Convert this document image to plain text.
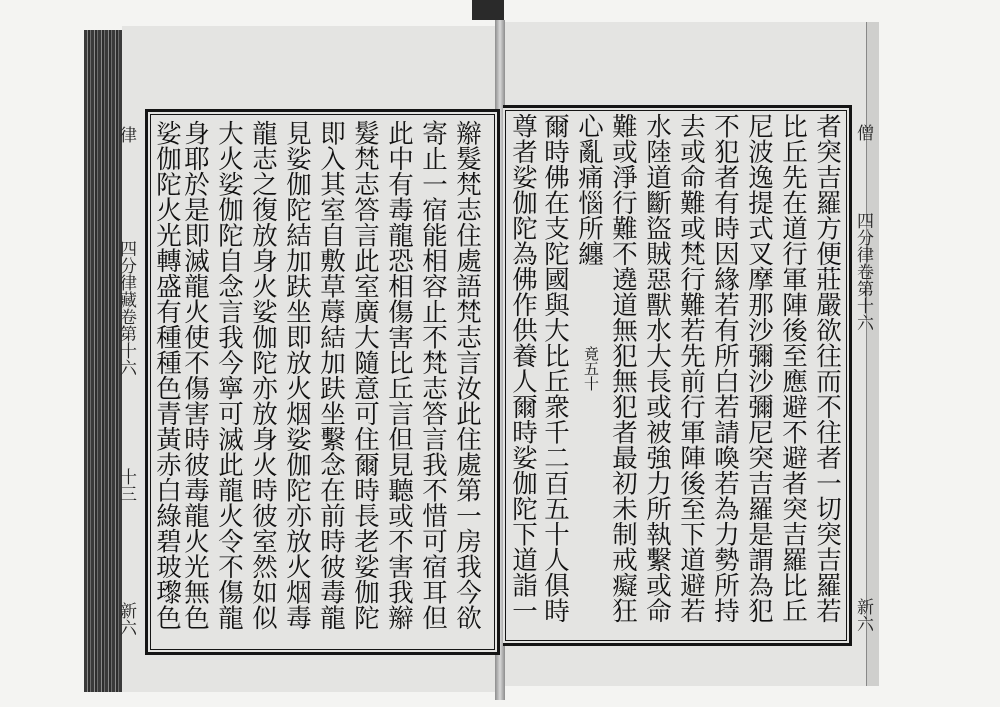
律
四分律藏卷第十六
十三
新六
僧
四分律卷第十六
新六
辮髮梵志住處語梵志言汝此住處第一房我今欲
寄止一宿能相容止不梵志答言我不惜可宿耳但
此中有毒龍恐相傷害比丘言但見聽或不害我辮
髮梵志答言此室廣大隨意可住爾時長老娑伽陀
即入其室自敷草蓐結加趺坐繫念在前時彼毒龍
見娑伽陀結加趺坐即放火烟娑伽陀亦放火烟毒
龍志之復放身火娑伽陀亦放身火時彼室然如似
大火娑伽陀自念言我今寧可滅此龍火令不傷龍
身耶於是即滅龍火使不傷害時彼毒龍火光無色
娑伽陀火光轉盛有種種色青黃赤白綠碧玻瓈色	者突吉羅方便莊嚴欲往而不往者一切突吉羅若
比丘先在道行軍陣後至應避不避者突吉羅比丘
尼波逸提式叉摩那沙彌沙彌尼突吉羅是謂為犯
不犯者有時因緣若有所白若請喚若為力勢所持
去或命難或梵行難若先前行軍陣後至下道避若
水陸道斷盜賊惡獸水大長或被強力所執繫或命
難或淨行難不遶道無犯無犯者最初未制戒癡狂
心亂痛惱所纏
竟五十
爾時佛在支陀國與大比丘衆千二百五十人俱時
尊者娑伽陀為佛作供養人爾時娑伽陀下道詣一
